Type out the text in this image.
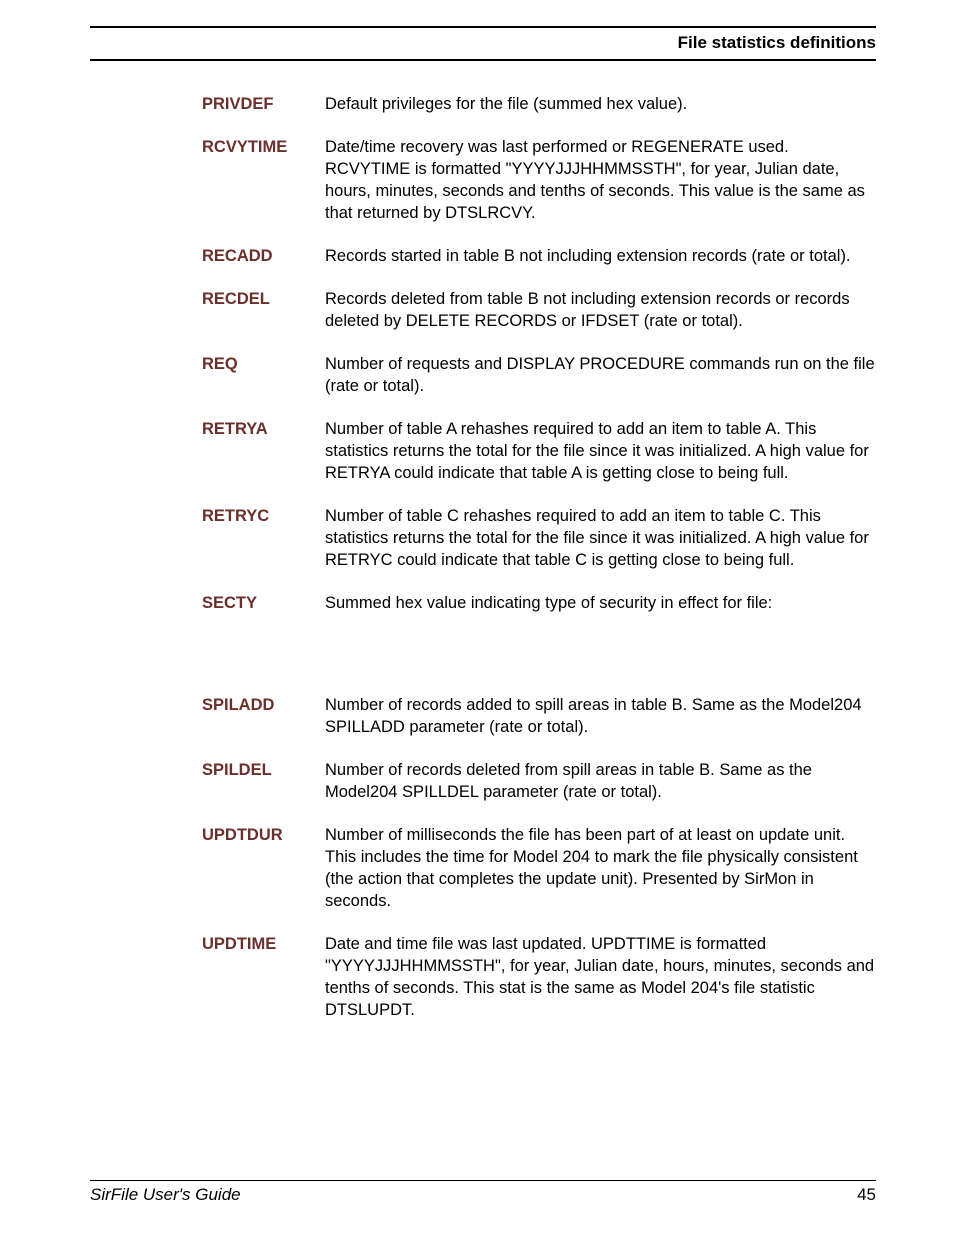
File statistics definitions
PRIVDEF	Default privileges for the file (summed hex value).
RCVYTIME	Date/time recovery was last performed or REGENERATE used. RCVYTIME is formatted "YYYYJJJHHMMSSTH", for year, Julian date, hours, minutes, seconds and tenths of seconds. This value is the same as that returned by DTSLRCVY.
RECADD	Records started in table B not including extension records (rate or total).
RECDEL	Records deleted from table B not including extension records or records deleted by DELETE RECORDS or IFDSET (rate or total).
REQ	Number of requests and DISPLAY PROCEDURE commands run on the file (rate or total).
RETRYA	Number of table A rehashes required to add an item to table A. This statistics returns the total for the file since it was initialized. A high value for RETRYA could indicate that table A is getting close to being full.
RETRYC	Number of table C rehashes required to add an item to table C. This statistics returns the total for the file since it was initialized. A high value for RETRYC could indicate that table C is getting close to being full.
SECTY	Summed hex value indicating type of security in effect for file:
SPILADD	Number of records added to spill areas in table B. Same as the Model204 SPILLADD parameter (rate or total).
SPILDEL	Number of records deleted from spill areas in table B. Same as the Model204 SPILLDEL parameter (rate or total).
UPDTDUR	Number of milliseconds the file has been part of at least on update unit. This includes the time for Model 204 to mark the file physically consistent (the action that completes the update unit). Presented by SirMon in seconds.
UPDTIME	Date and time file was last updated. UPDTTIME is formatted "YYYYJJJHHMMSSTH", for year, Julian date, hours, minutes, seconds and tenths of seconds. This stat is the same as Model 204's file statistic DTSLUPDT.
SirFile User's Guide	45
